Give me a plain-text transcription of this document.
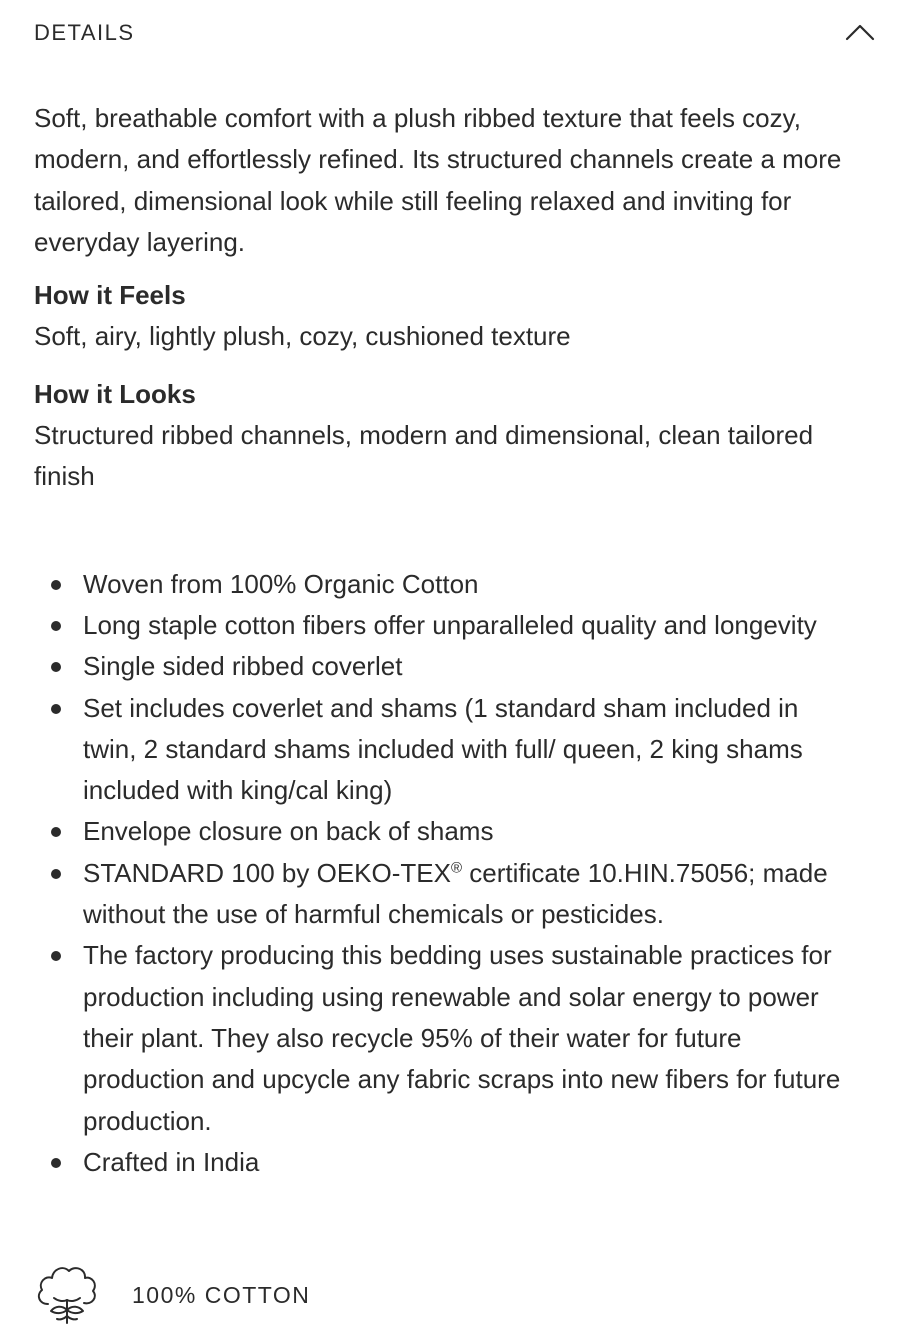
DETAILS

Soft, breathable comfort with a plush ribbed texture that feels cozy, modern, and effortlessly refined. Its structured channels create a more tailored, dimensional look while still feeling relaxed and inviting for everyday layering.

How it Feels

Soft, airy, lightly plush, cozy, cushioned texture

How it Looks

Structured ribbed channels, modern and dimensional, clean tailored finish

Woven from 100% Organic Cotton
Long staple cotton fibers offer unparalleled quality and longevity
Single sided ribbed coverlet
Set includes coverlet and shams (1 standard sham included in twin, 2 standard shams included with full/ queen, 2 king shams included with king/cal king)
Envelope closure on back of shams
STANDARD 100 by OEKO-TEX® certificate 10.HIN.75056; made without the use of harmful chemicals or pesticides.
The factory producing this bedding uses sustainable practices for production including using renewable and solar energy to power their plant. They also recycle 95% of their water for future production and upcycle any fabric scraps into new fibers for future production.
Crafted in India
100% COTTON
